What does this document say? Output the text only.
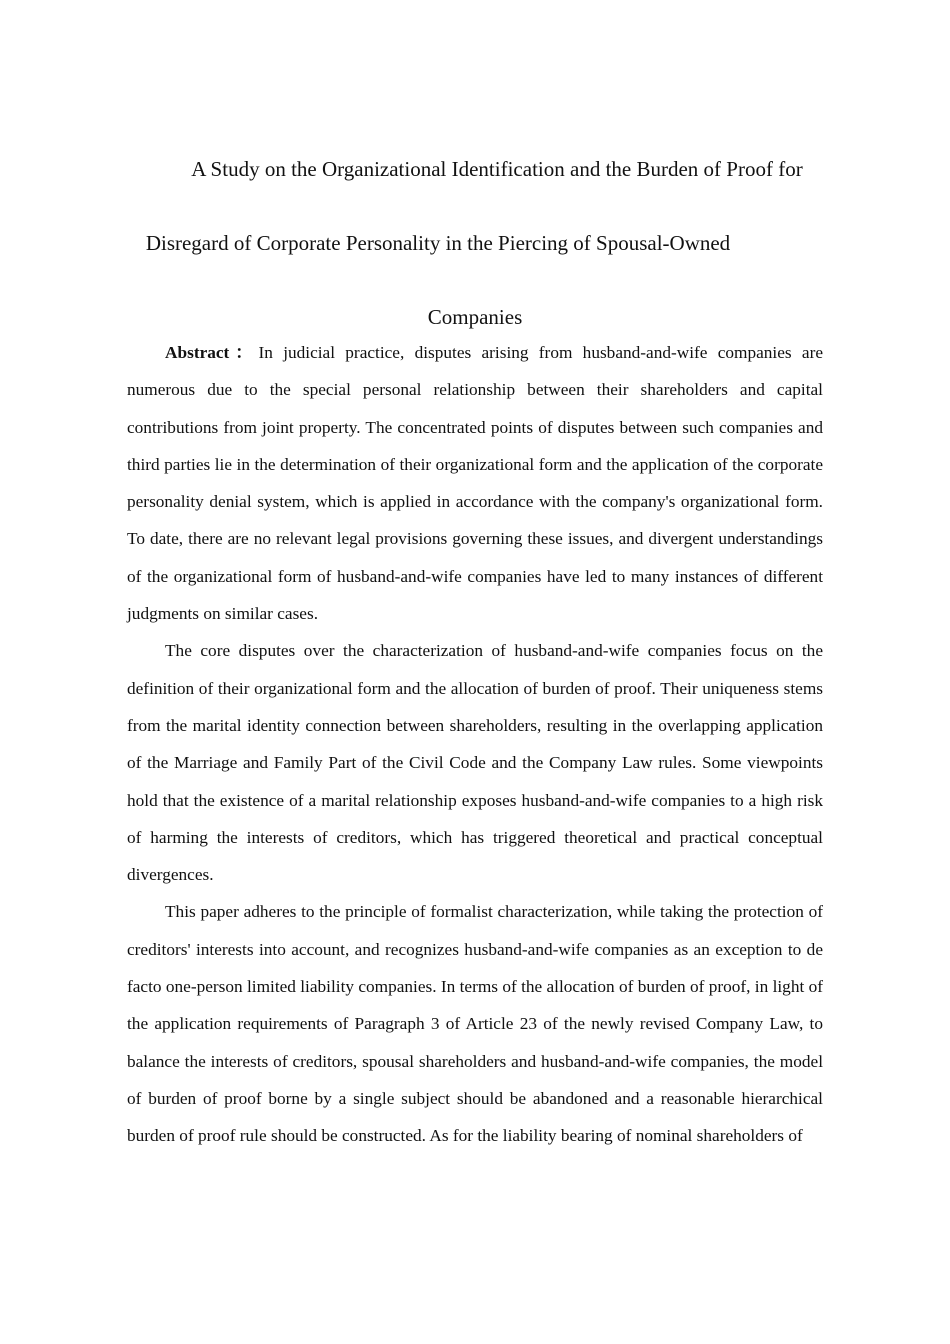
A Study on the Organizational Identification and the Burden of Proof for
Disregard of Corporate Personality in the Piercing of Spousal-Owned
Companies

Abstract：In judicial practice, disputes arising from husband-and-wife companies are numerous due to the special personal relationship between their shareholders and capital contributions from joint property. The concentrated points of disputes between such companies and third parties lie in the determination of their organizational form and the application of the corporate personality denial system, which is applied in accordance with the company's organizational form. To date, there are no relevant legal provisions governing these issues, and divergent understandings of the organizational form of husband-and-wife companies have led to many instances of different judgments on similar cases.

The core disputes over the characterization of husband-and-wife companies focus on the definition of their organizational form and the allocation of burden of proof. Their uniqueness stems from the marital identity connection between shareholders, resulting in the overlapping application of the Marriage and Family Part of the Civil Code and the Company Law rules. Some viewpoints hold that the existence of a marital relationship exposes husband-and-wife companies to a high risk of harming the interests of creditors, which has triggered theoretical and practical conceptual divergences.

This paper adheres to the principle of formalist characterization, while taking the protection of creditors' interests into account, and recognizes husband-and-wife companies as an exception to de facto one-person limited liability companies. In terms of the allocation of burden of proof, in light of the application requirements of Paragraph 3 of Article 23 of the newly revised Company Law, to balance the interests of creditors, spousal shareholders and husband-and-wife companies, the model of burden of proof borne by a single subject should be abandoned and a reasonable hierarchical burden of proof rule should be constructed. As for the liability bearing of nominal shareholders of
